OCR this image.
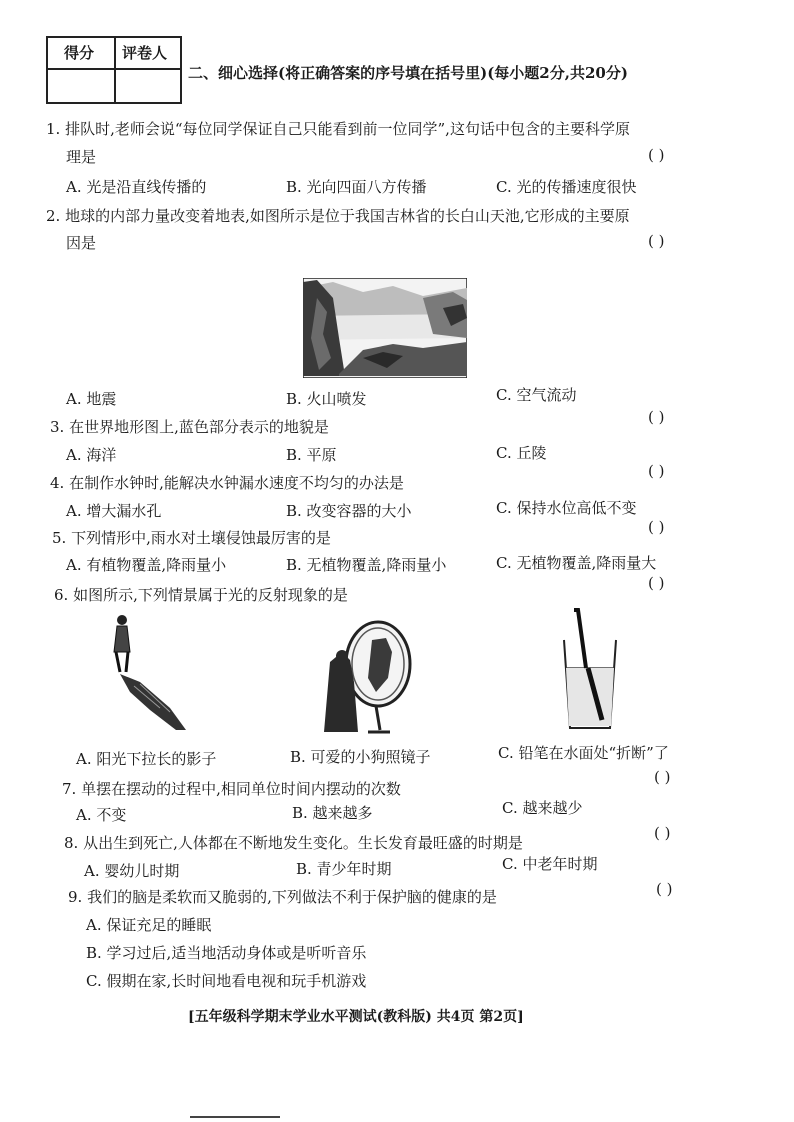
得分 评卷人
二、细心选择(将正确答案的序号填在括号里)(每小题2分,共20分)
1. 排队时,老师会说“每位同学保证自己只能看到前一位同学”,这句话中包含的主要科学原
理是	( )
A. 光是沿直线传播的	B. 光向四面八方传播	C. 光的传播速度很快
2. 地球的内部力量改变着地表,如图所示是位于我国吉林省的长白山天池,它形成的主要原
因是	( )
A. 地震	B. 火山喷发	C. 空气流动
( )
3. 在世界地形图上,蓝色部分表示的地貌是
A. 海洋	B. 平原	C. 丘陵
( )
4. 在制作水钟时,能解决水钟漏水速度不均匀的办法是
A. 增大漏水孔	B. 改变容器的大小	C. 保持水位高低不变
( )
5. 下列情形中,雨水对土壤侵蚀最厉害的是
A. 有植物覆盖,降雨量小	B. 无植物覆盖,降雨量小	C. 无植物覆盖,降雨量大
( )
6. 如图所示,下列情景属于光的反射现象的是
A. 阳光下拉长的影子	B. 可爱的小狗照镜子	C. 铅笔在水面处“折断”了
( )
7. 单摆在摆动的过程中,相同单位时间内摆动的次数
A. 不变	B. 越来越多	C. 越来越少
( )
8. 从出生到死亡,人体都在不断地发生变化。生长发育最旺盛的时期是
A. 婴幼儿时期	B. 青少年时期	C. 中老年时期
( )
9. 我们的脑是柔软而又脆弱的,下列做法不利于保护脑的健康的是
A. 保证充足的睡眠
B. 学习过后,适当地活动身体或是听听音乐
C. 假期在家,长时间地看电视和玩手机游戏
[五年级科学期末学业水平测试(教科版) 共4页 第2页]
